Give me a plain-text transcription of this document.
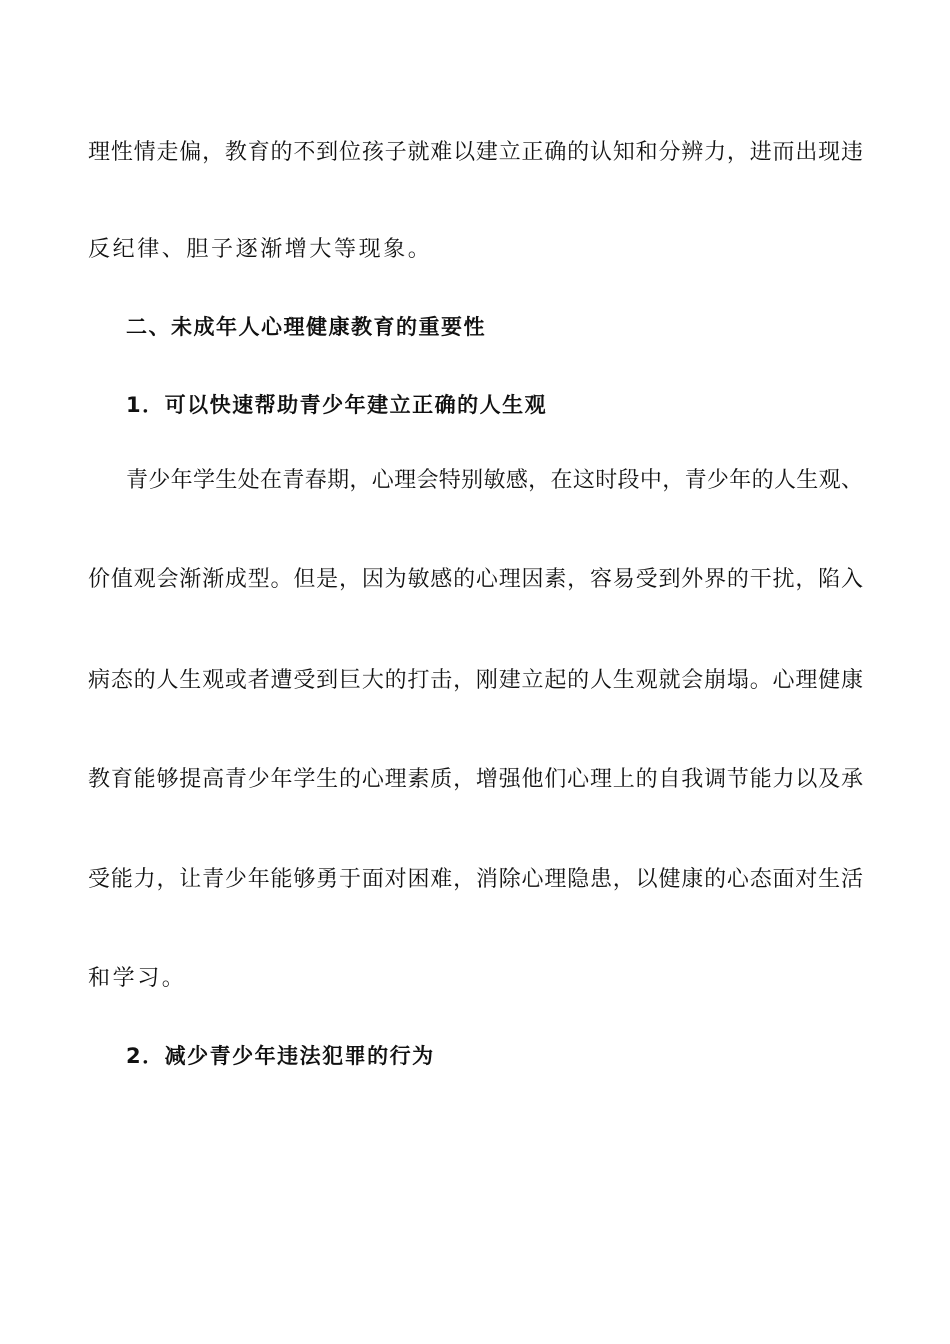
理性情走偏，教育的不到位孩子就难以建立正确的认知和分辨力，进而出现违
反纪律、胆子逐渐增大等现象。
二、未成年人心理健康教育的重要性
1．可以快速帮助青少年建立正确的人生观
青少年学生处在青春期，心理会特别敏感，在这时段中，青少年的人生观、
价值观会渐渐成型。但是，因为敏感的心理因素，容易受到外界的干扰，陷入
病态的人生观或者遭受到巨大的打击，刚建立起的人生观就会崩塌。心理健康
教育能够提高青少年学生的心理素质，增强他们心理上的自我调节能力以及承
受能力，让青少年能够勇于面对困难，消除心理隐患，以健康的心态面对生活
和学习。
2．减少青少年违法犯罪的行为
